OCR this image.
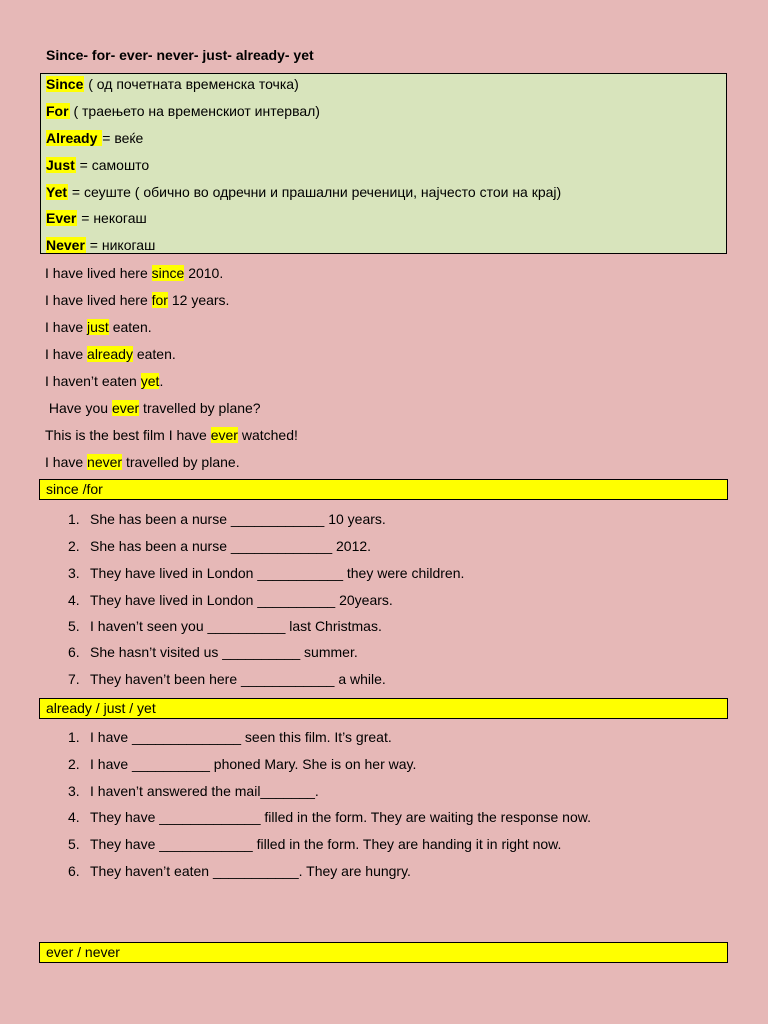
Since- for- ever- never- just- already- yet
Since ( од почетната временска точка)
For ( траењето на временскиот интервал)
Already = веќе
Just = самошто
Yet = сеуште ( обично во одречни и прашални реченици, најчесто стои на крај)
Ever = некогаш
Never = никогаш
I have lived here since 2010.
I have lived here for 12 years.
I have just eaten.
I have already eaten.
I haven’t eaten yet.
Have you ever travelled by plane?
This is the best film I have ever watched!
I have never travelled by plane.
since /for
1. She has been a nurse ____________ 10 years.
2. She has been a nurse _____________ 2012.
3. They have lived in London ___________ they were children.
4. They have lived in London __________ 20years.
5. I haven’t seen you __________ last Christmas.
6. She hasn’t visited us __________ summer.
7. They haven’t been here ____________ a while.
already / just / yet
1. I have ______________ seen this film. It’s great.
2. I have __________ phoned Mary. She is on her way.
3. I haven’t answered the mail_______.
4. They have _____________ filled in the form. They are waiting the response now.
5. They have ____________ filled in the form. They are handing it in right now.
6. They haven’t eaten ___________. They are hungry.
ever / never
